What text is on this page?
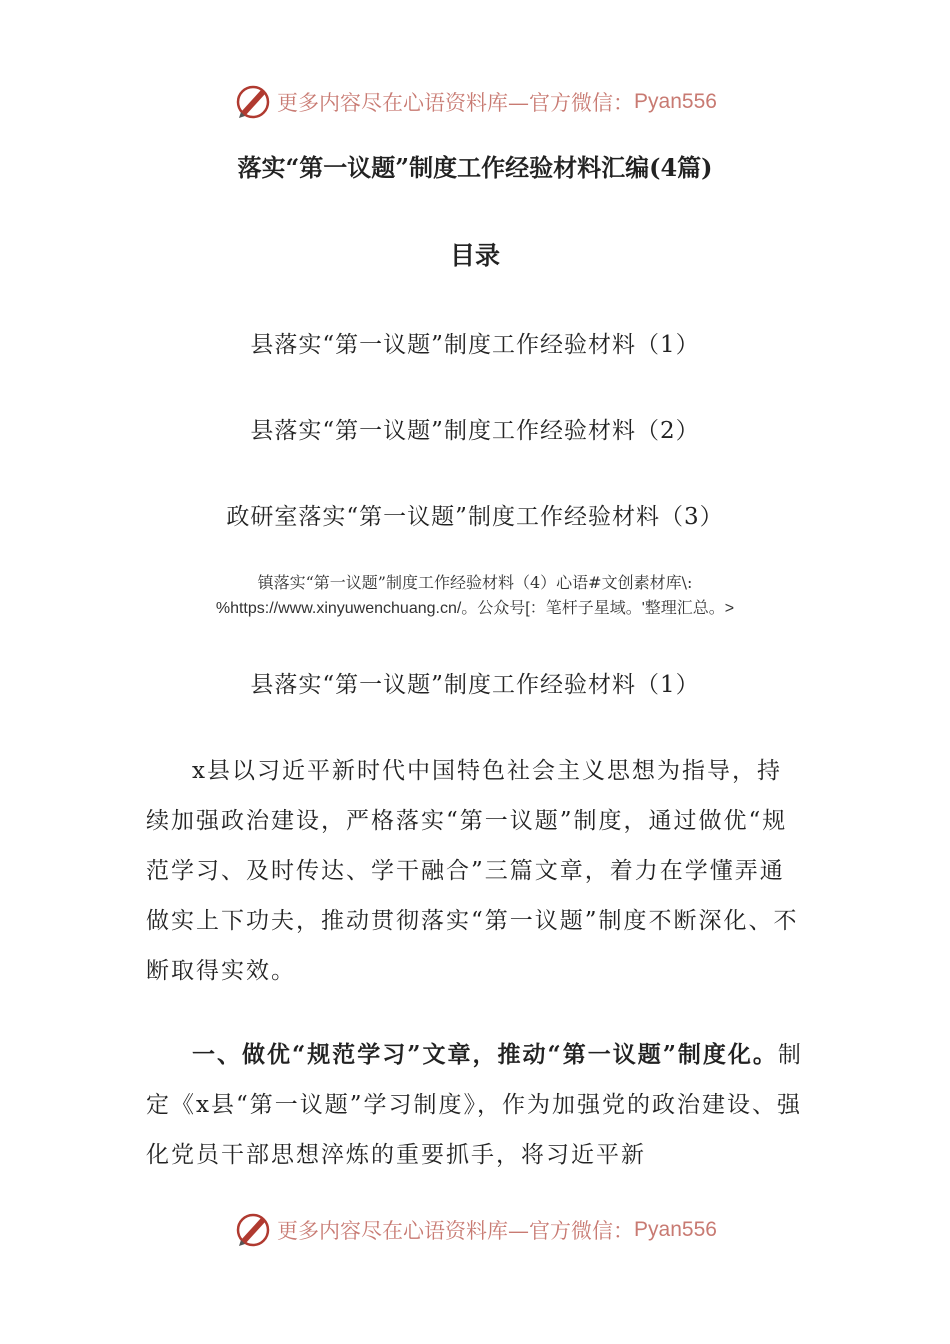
更多内容尽在心语资料库—官方微信： Pyan556
落实“第一议题”制度工作经验材料汇编(4篇)
目录
县落实“第一议题”制度工作经验材料（1）
县落实“第一议题”制度工作经验材料（2）
政研室落实“第一议题”制度工作经验材料（3）
镇落实“第一议题”制度工作经验材料（4）心语#文创素材库\:
%https://www.xinyuwenchuang.cn/。公众号[：笔杆子星域。'整理汇总。>
县落实“第一议题”制度工作经验材料（1）
x县以习近平新时代中国特色社会主义思想为指导，持续加强政治建设，严格落实“第一议题”制度，通过做优“规范学习、及时传达、学干融合”三篇文章，着力在学懂弄通做实上下功夫，推动贯彻落实“第一议题”制度不断深化、不断取得实效。
一、做优“规范学习”文章，推动“第一议题”制度化。制定《x县“第一议题”学习制度》，作为加强党的政治建设、强化党员干部思想淬炼的重要抓手，将习近平新
更多内容尽在心语资料库—官方微信： Pyan556
